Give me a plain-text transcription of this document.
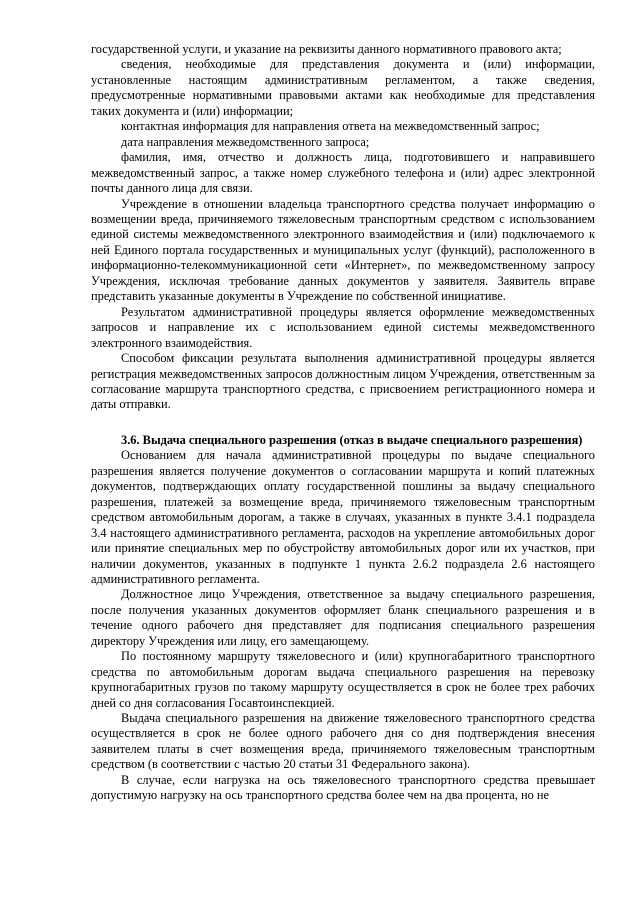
государственной услуги, и указание на реквизиты данного нормативного правового акта;

сведения, необходимые для представления документа и (или) информации, установленные настоящим административным регламентом, а также сведения, предусмотренные нормативными правовыми актами как необходимые для представления таких документа и (или) информации;

контактная информация для направления ответа на межведомственный запрос;

дата направления межведомственного запроса;

фамилия, имя, отчество и должность лица, подготовившего и направившего межведомственный запрос, а также номер служебного телефона и (или) адрес электронной почты данного лица для связи.

Учреждение в отношении владельца транспортного средства получает информацию о возмещении вреда, причиняемого тяжеловесным транспортным средством с использованием единой системы межведомственного электронного взаимодействия и (или) подключаемого к ней Единого портала государственных и муниципальных услуг (функций), расположенного в информационно-телекоммуникационной сети «Интернет», по межведомственному запросу Учреждения, исключая требование данных документов у заявителя. Заявитель вправе представить указанные документы в Учреждение по собственной инициативе.

Результатом административной процедуры является оформление межведомственных запросов и направление их с использованием единой системы межведомственного электронного взаимодействия.

Способом фиксации результата выполнения административной процедуры является регистрация межведомственных запросов должностным лицом Учреждения, ответственным за согласование маршрута транспортного средства, с присвоением регистрационного номера и даты отправки.

3.6. Выдача специального разрешения (отказ в выдаче специального разрешения)

Основанием для начала административной процедуры по выдаче специального разрешения является получение документов о согласовании маршрута и копий платежных документов, подтверждающих оплату государственной пошлины за выдачу специального разрешения, платежей за возмещение вреда, причиняемого тяжеловесным транспортным средством автомобильным дорогам, а также в случаях, указанных в пункте 3.4.1 подраздела 3.4 настоящего административного регламента, расходов на укрепление автомобильных дорог или принятие специальных мер по обустройству автомобильных дорог или их участков, при наличии документов, указанных в подпункте 1 пункта 2.6.2 подраздела 2.6 настоящего административного регламента.

Должностное лицо Учреждения, ответственное за выдачу специального разрешения, после получения указанных документов оформляет бланк специального разрешения и в течение одного рабочего дня представляет для подписания специального разрешения директору Учреждения или лицу, его замещающему.

По постоянному маршруту тяжеловесного и (или) крупногабаритного транспортного средства по автомобильным дорогам выдача специального разрешения на перевозку крупногабаритных грузов по такому маршруту осуществляется в срок не более трех рабочих дней со дня согласования Госавтоинспекцией.

Выдача специального разрешения на движение тяжеловесного транспортного средства осуществляется в срок не более одного рабочего дня со дня подтверждения внесения заявителем платы в счет возмещения вреда, причиняемого тяжеловесным транспортным средством (в соответствии с частью 20 статьи 31 Федерального закона).

В случае, если нагрузка на ось тяжеловесного транспортного средства превышает допустимую нагрузку на ось транспортного средства более чем на два процента, но не
